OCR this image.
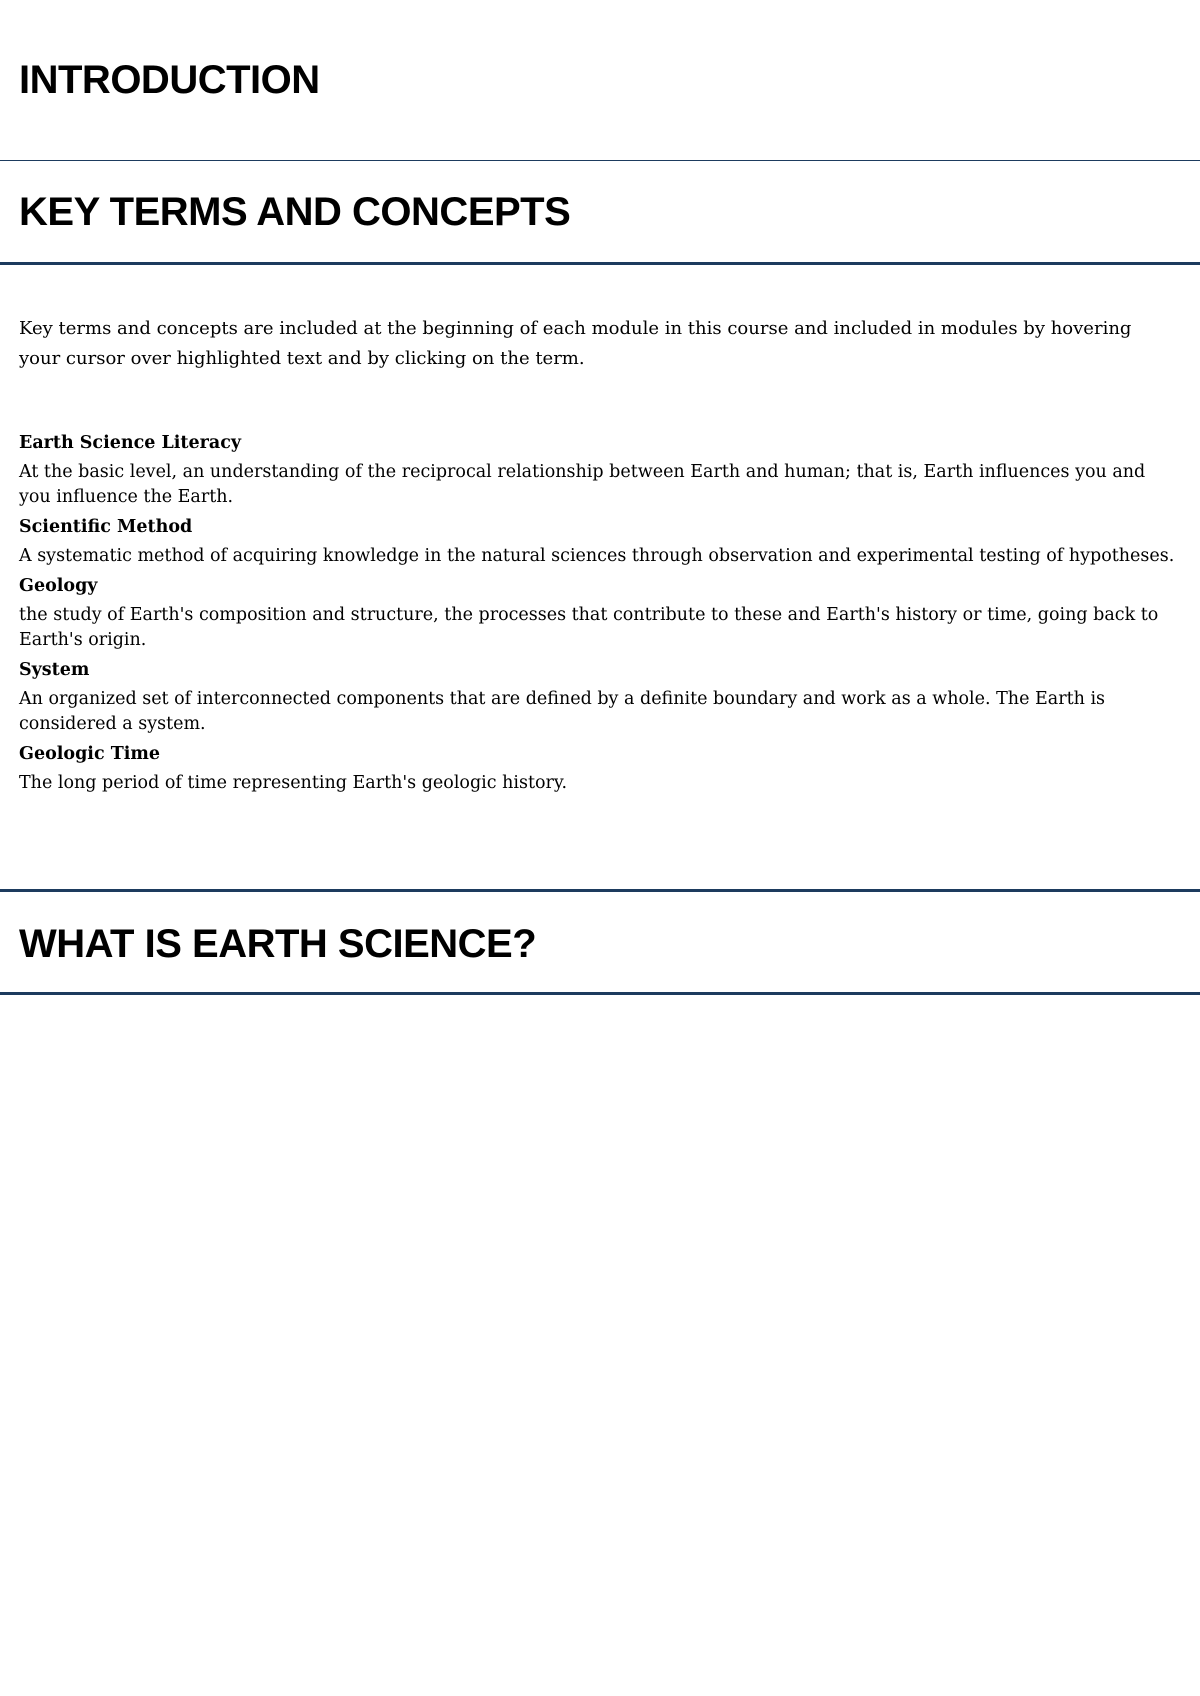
INTRODUCTION
KEY TERMS AND CONCEPTS

Key terms and concepts are included at the beginning of each module in this course and included in modules by hovering your cursor over highlighted text and by clicking on the term.

Earth Science Literacy
At the basic level, an understanding of the reciprocal relationship between Earth and human; that is, Earth influences you and you influence the Earth.
Scientific Method
A systematic method of acquiring knowledge in the natural sciences through observation and experimental testing of hypotheses.
Geology
the study of Earth's composition and structure, the processes that contribute to these and Earth's history or time, going back to Earth's origin.
System
An organized set of interconnected components that are defined by a definite boundary and work as a whole. The Earth is considered a system.
Geologic Time
The long period of time representing Earth's geologic history.
WHAT IS EARTH SCIENCE?
